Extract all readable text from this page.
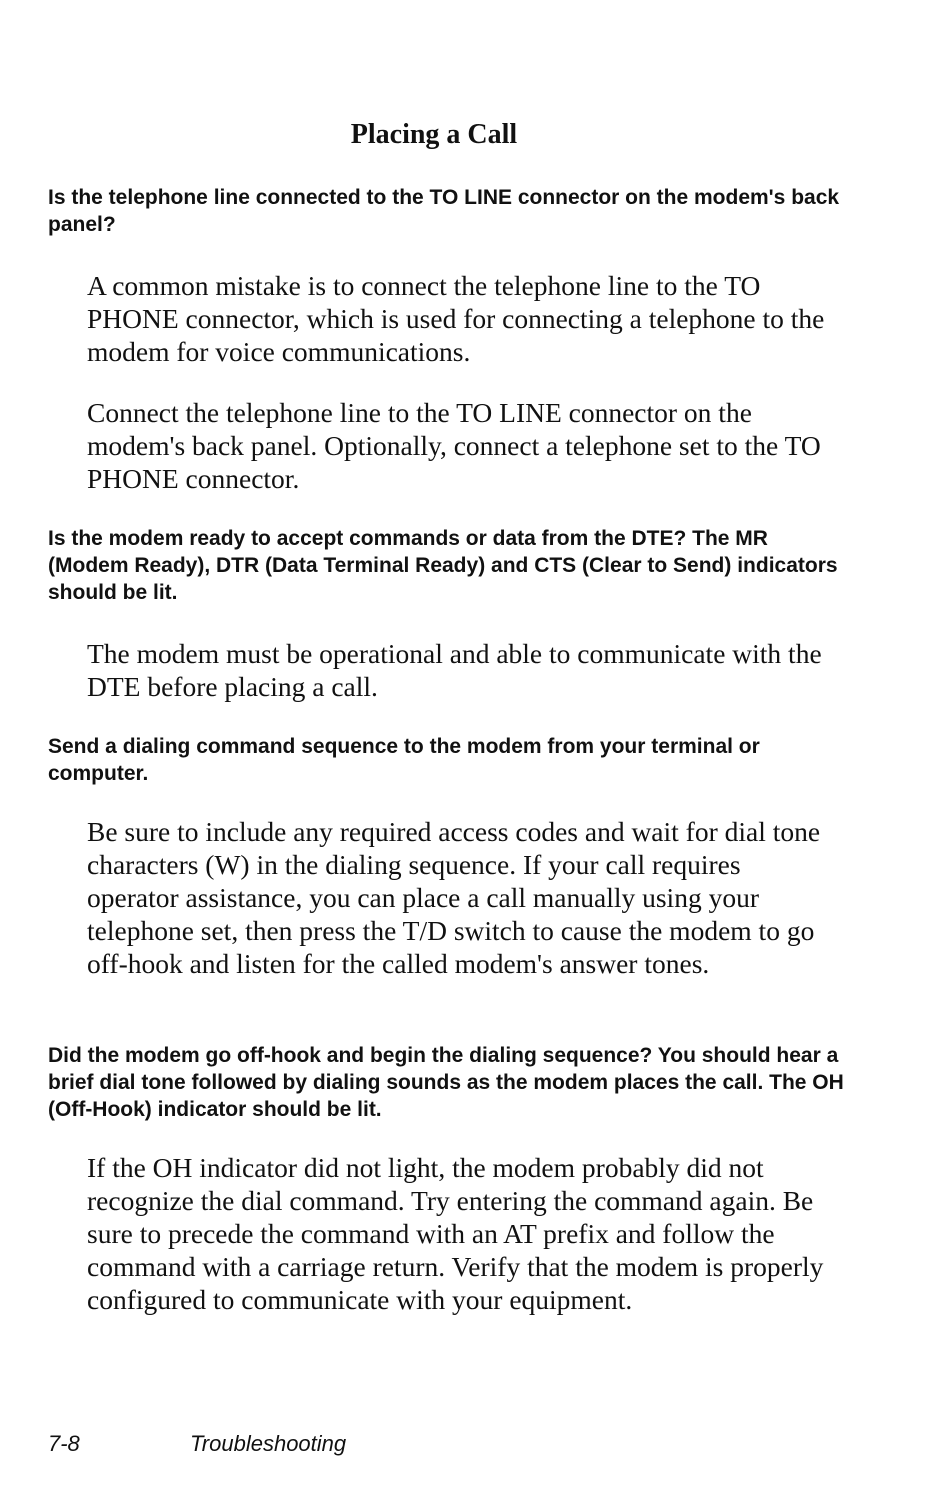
Placing a Call

Is the telephone line connected to the TO LINE connector on the modem's back panel?

A common mistake is to connect the telephone line to the TO PHONE connector, which is used for connecting a telephone to the modem for voice communications.

Connect the telephone line to the TO LINE connector on the modem's back panel. Optionally, connect a telephone set to the TO PHONE connector.

Is the modem ready to accept commands or data from the DTE? The MR (Modem Ready), DTR (Data Terminal Ready) and CTS (Clear to Send) indicators should be lit.

The modem must be operational and able to communicate with the DTE before placing a call.

Send a dialing command sequence to the modem from your terminal or computer.

Be sure to include any required access codes and wait for dial tone characters (W) in the dialing sequence. If your call requires operator assistance, you can place a call manually using your telephone set, then press the T/D switch to cause the modem to go off-hook and listen for the called modem's answer tones.

Did the modem go off-hook and begin the dialing sequence? You should hear a brief dial tone followed by dialing sounds as the modem places the call. The OH (Off-Hook) indicator should be lit.

If the OH indicator did not light, the modem probably did not recognize the dial command. Try entering the command again. Be sure to precede the command with an AT prefix and follow the command with a carriage return. Verify that the modem is properly configured to communicate with your equipment.

7-8	Troubleshooting
